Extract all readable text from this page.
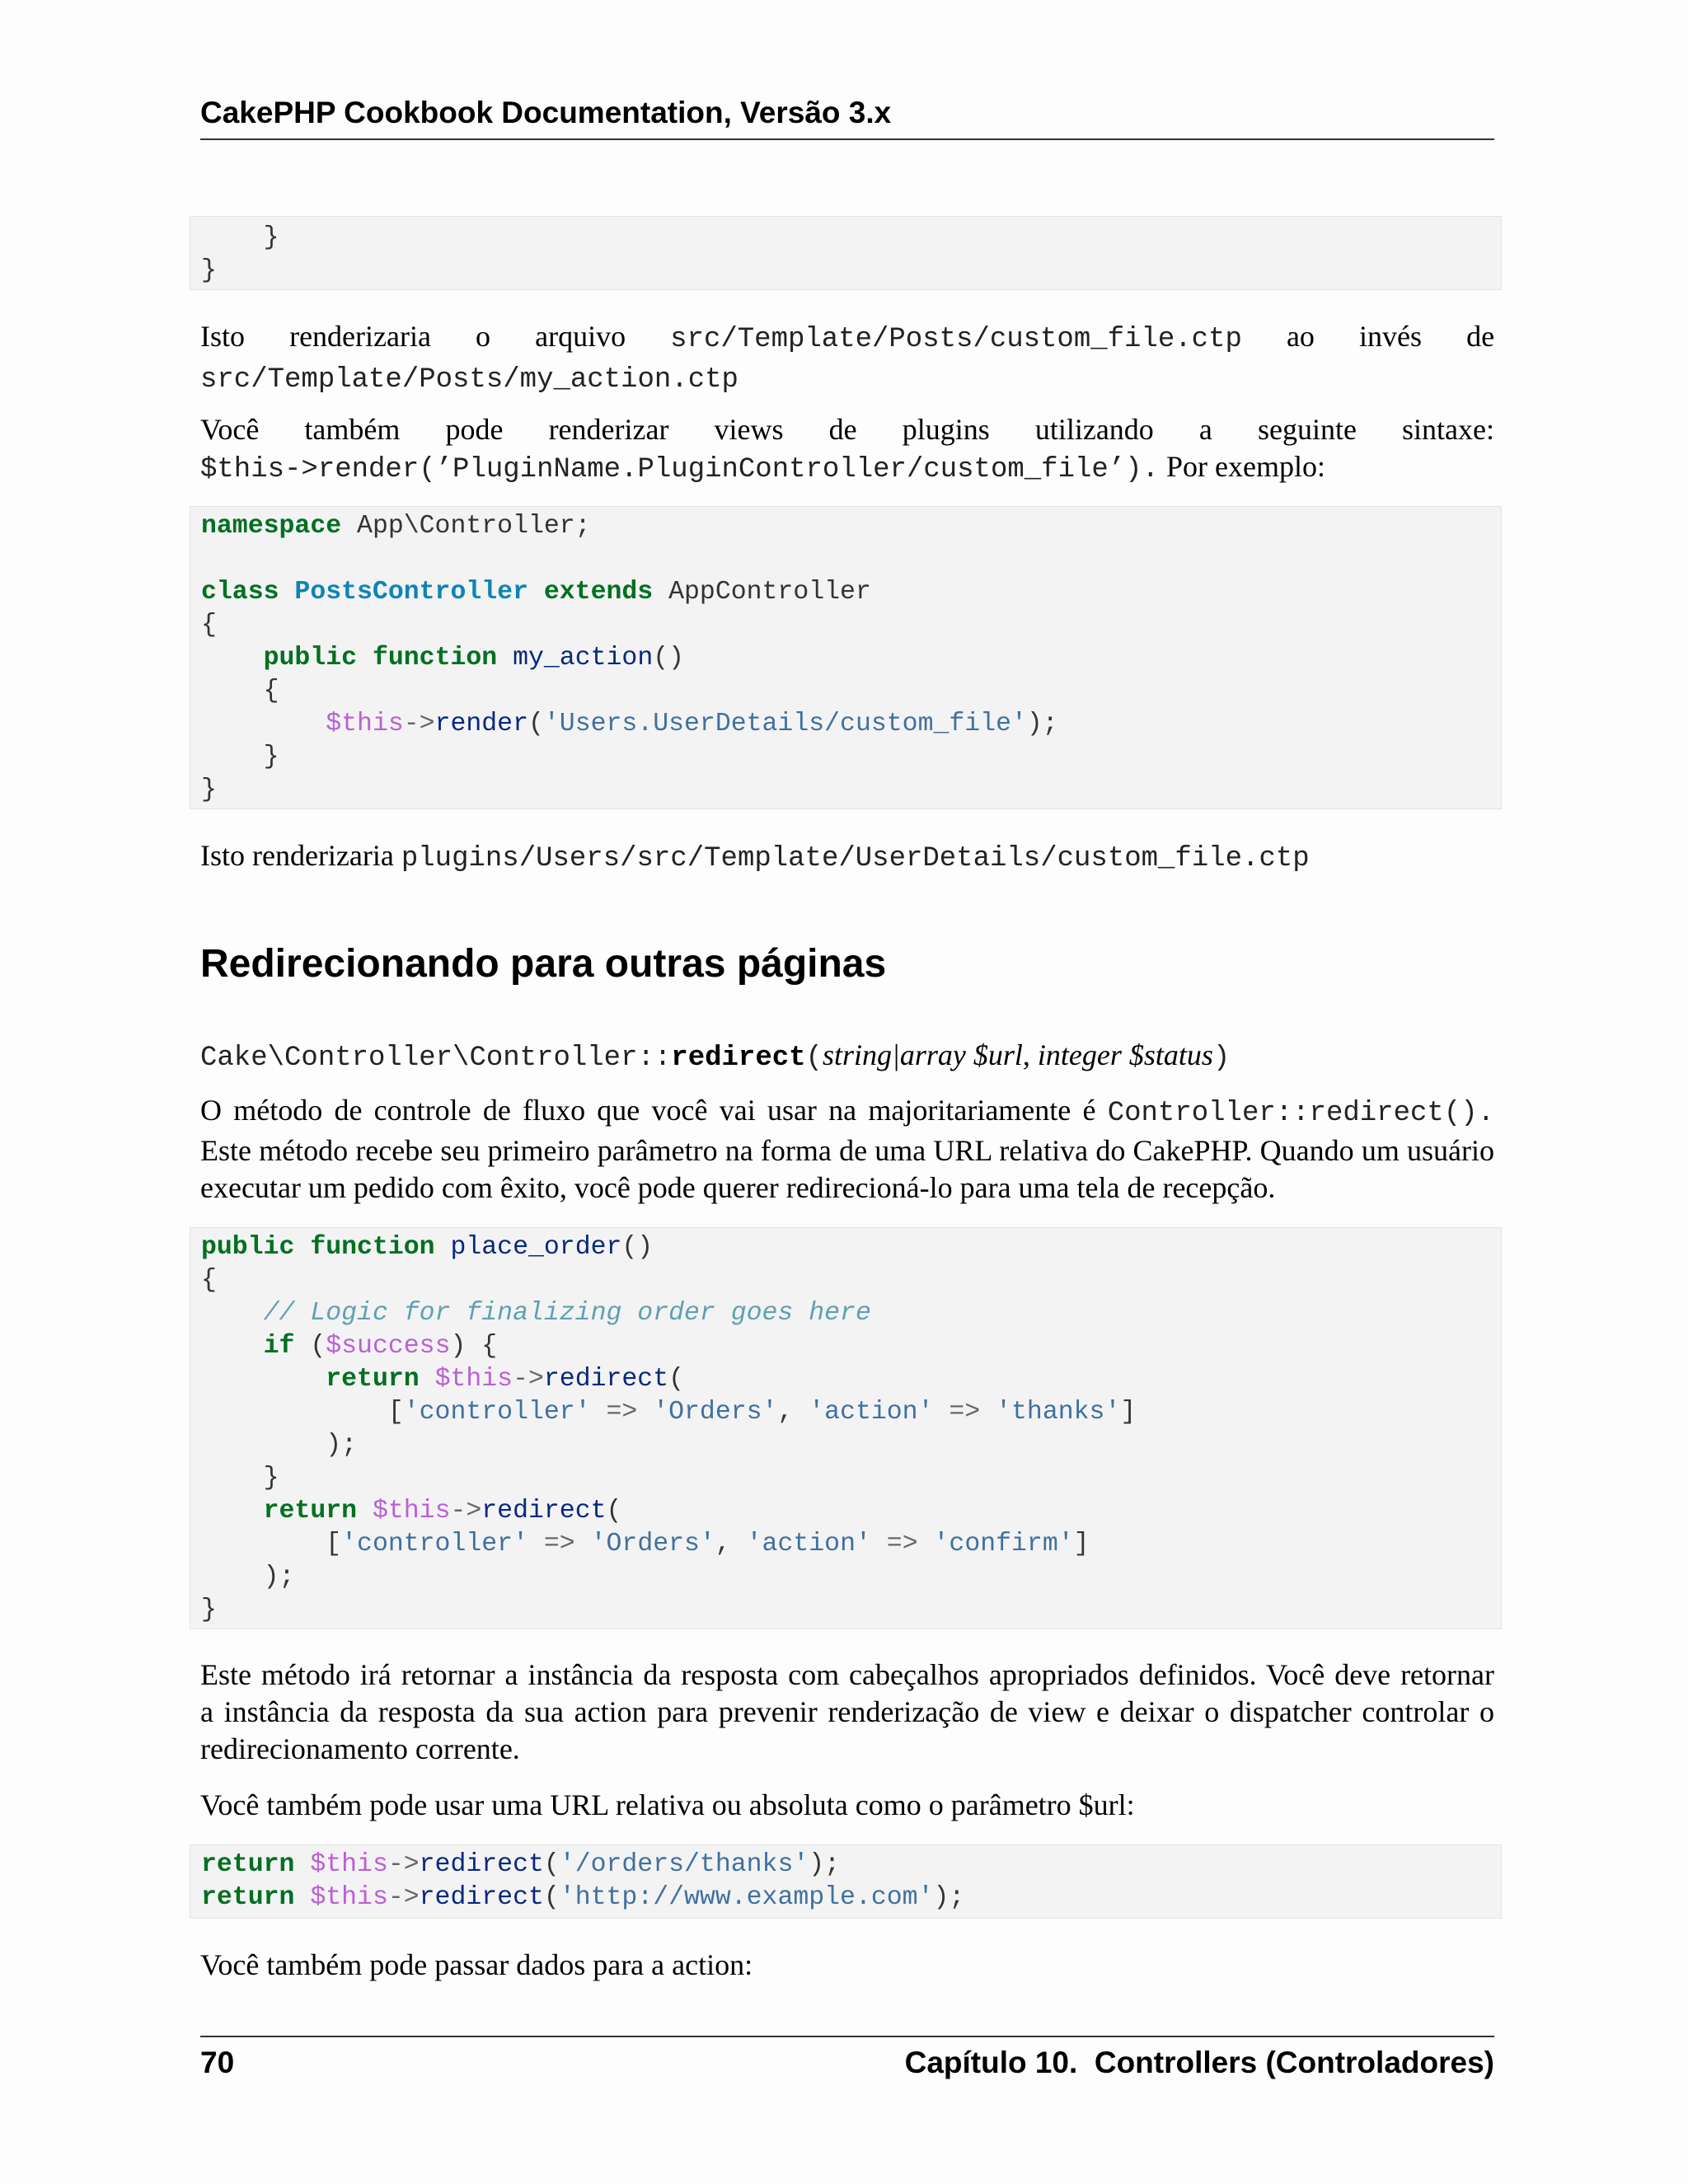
CakePHP Cookbook Documentation, Versão 3.x
}
}
Isto renderizaria o arquivo src/Template/Posts/custom_file.ctp ao invés de
src/Template/Posts/my_action.ctp
Você também pode renderizar views de plugins utilizando a seguinte sintaxe:
$this->render(’PluginName.PluginController/custom_file’). Por exemplo:
namespace App\Controller;

class PostsController extends AppController
{
public function my_action()
{
$this->render('Users.UserDetails/custom_file');
}
}
Isto renderizaria plugins/Users/src/Template/UserDetails/custom_file.ctp
Redirecionando para outras páginas
Cake\Controller\Controller::redirect(string|array $url, integer $status)
O método de controle de fluxo que você vai usar na majoritariamente é Controller::redirect().
Este método recebe seu primeiro parâmetro na forma de uma URL relativa do CakePHP. Quando um usuário
executar um pedido com êxito, você pode querer redirecioná-lo para uma tela de recepção.
public function place_order()
{
// Logic for finalizing order goes here
if ($success) {
return $this->redirect(
['controller' => 'Orders', 'action' => 'thanks']
);
}
return $this->redirect(
['controller' => 'Orders', 'action' => 'confirm']
);
}
Este método irá retornar a instância da resposta com cabeçalhos apropriados definidos. Você deve retornar
a instância da resposta da sua action para prevenir renderização de view e deixar o dispatcher controlar o
redirecionamento corrente.
Você também pode usar uma URL relativa ou absoluta como o parâmetro $url:
return $this->redirect('/orders/thanks');
return $this->redirect('http://www.example.com');
Você também pode passar dados para a action:
70	Capítulo 10.  Controllers (Controladores)
